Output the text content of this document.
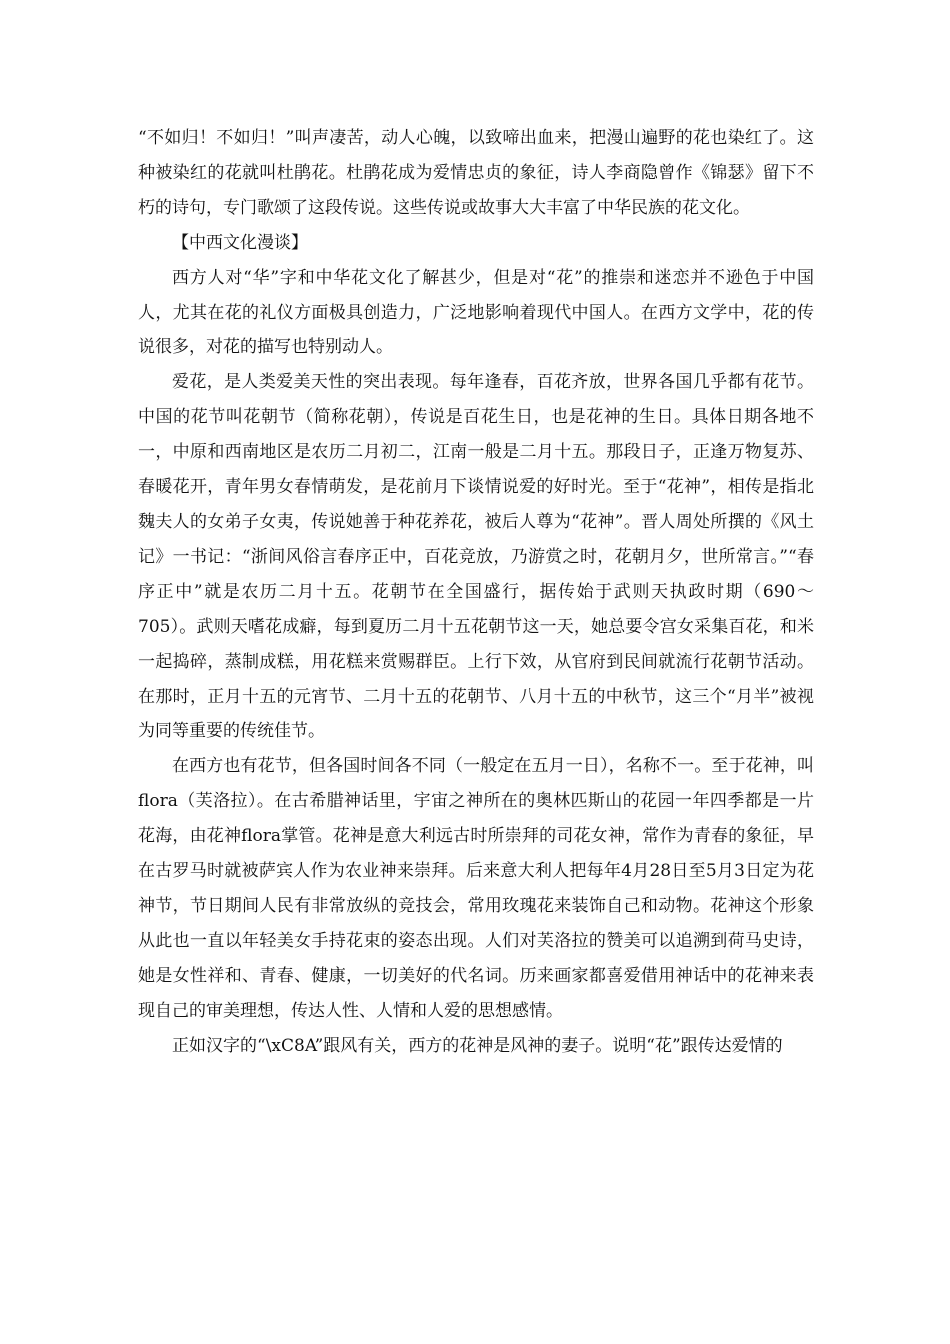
“不如归！不如归！”叫声凄苦，动人心魄，以致啼出血来，把漫山遍野的花也染红了。这种被染红的花就叫杜鹃花。杜鹃花成为爱情忠贞的象征，诗人李商隐曾作《锦瑟》留下不朽的诗句，专门歌颂了这段传说。这些传说或故事大大丰富了中华民族的花文化。

【中西文化漫谈】

西方人对“华”字和中华花文化了解甚少，但是对“花”的推崇和迷恋并不逊色于中国人，尤其在花的礼仪方面极具创造力，广泛地影响着现代中国人。在西方文学中，花的传说很多，对花的描写也特别动人。

爱花，是人类爱美天性的突出表现。每年逢春，百花齐放，世界各国几乎都有花节。中国的花节叫花朝节（简称花朝），传说是百花生日，也是花神的生日。具体日期各地不一，中原和西南地区是农历二月初二，江南一般是二月十五。那段日子，正逢万物复苏、春暖花开，青年男女春情萌发，是花前月下谈情说爱的好时光。至于“花神”，相传是指北魏夫人的女弟子女夷，传说她善于种花养花，被后人尊为“花神”。晋人周处所撰的《风土记》一书记：“浙间风俗言春序正中，百花竞放，乃游赏之时，花朝月夕，世所常言。”“春序正中”就是农历二月十五。花朝节在全国盛行，据传始于武则天执政时期（690～705）。武则天嗜花成癖，每到夏历二月十五花朝节这一天，她总要令宫女采集百花，和米一起捣碎，蒸制成糕，用花糕来赏赐群臣。上行下效，从官府到民间就流行花朝节活动。在那时，正月十五的元宵节、二月十五的花朝节、八月十五的中秋节，这三个“月半”被视为同等重要的传统佳节。

在西方也有花节，但各国时间各不同（一般定在五月一日），名称不一。至于花神，叫flora（芙洛拉）。在古希腊神话里，宇宙之神所在的奥林匹斯山的花园一年四季都是一片花海，由花神flora掌管。花神是意大利远古时所崇拜的司花女神，常作为青春的象征，早在古罗马时就被萨宾人作为农业神来崇拜。后来意大利人把每年4月28日至5月3日定为花神节，节日期间人民有非常放纵的竞技会，常用玫瑰花来装饰自己和动物。花神这个形象从此也一直以年轻美女手持花束的姿态出现。人们对芙洛拉的赞美可以追溯到荷马史诗，她是女性祥和、青春、健康，一切美好的代名词。历来画家都喜爱借用神话中的花神来表现自己的审美理想，传达人性、人情和人爱的思想感情。

正如汉字的“\xC8A”跟风有关，西方的花神是风神的妻子。说明“花”跟传达爱情的
